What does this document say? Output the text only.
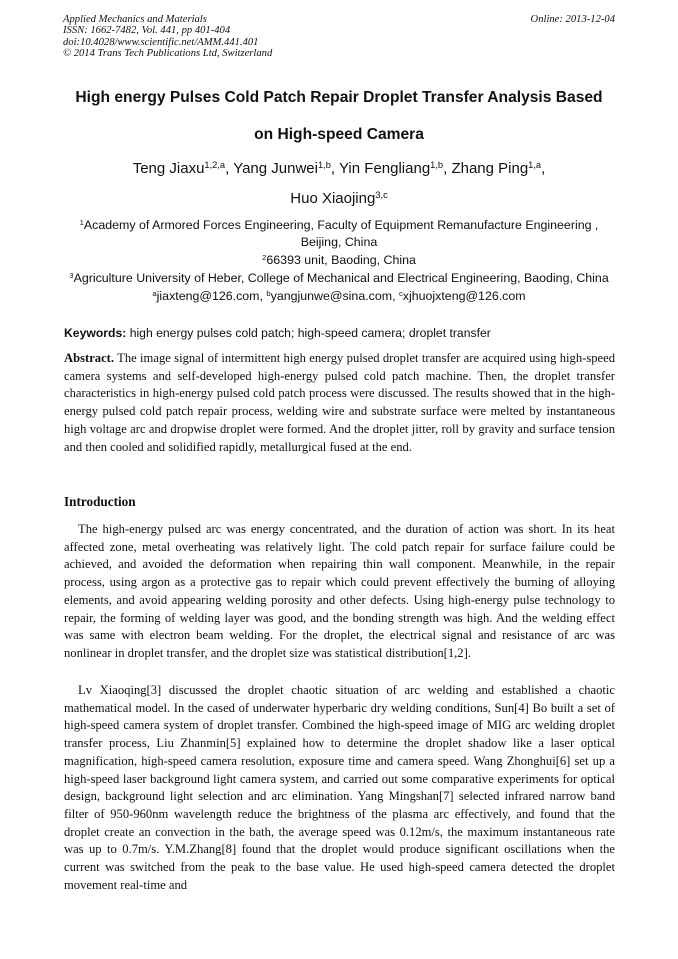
Applied Mechanics and Materials
ISSN: 1662-7482, Vol. 441, pp 401-404
doi:10.4028/www.scientific.net/AMM.441.401
© 2014 Trans Tech Publications Ltd, Switzerland
Online: 2013-12-04
High energy Pulses Cold Patch Repair Droplet Transfer Analysis Based
on High-speed Camera
Teng Jiaxu$^{1,2,a}$, Yang Junwei$^{1,b}$, Yin Fengliang$^{1,b}$, Zhang Ping$^{1,a}$,
Huo Xiaojing$^{3,c}$
$^1$Academy of Armored Forces Engineering, Faculty of Equipment Remanufacture Engineering ,
Beijing, China
$^2$66393 unit, Baoding, China
$^3$Agriculture University of Heber, College of Mechanical and Electrical Engineering, Baoding, China
$^a$jiaxteng@126.com, $^b$yangjunwe@sina.com, $^c$xjhuojxteng@126.com
Keywords: high energy pulses cold patch; high-speed camera; droplet transfer
Abstract. The image signal of intermittent high energy pulsed droplet transfer are acquired using high-speed camera systems and self-developed high-energy pulsed cold patch machine. Then, the droplet transfer characteristics in high-energy pulsed cold patch process were discussed. The results showed that in the high-energy pulsed cold patch repair process, welding wire and substrate surface were melted by instantaneous high voltage arc and dropwise droplet were formed. And the droplet jitter, roll by gravity and surface tension and then cooled and solidified rapidly, metallurgical fused at the end.
Introduction
The high-energy pulsed arc was energy concentrated, and the duration of action was short. In its heat affected zone, metal overheating was relatively light. The cold patch repair for surface failure could be achieved, and avoided the deformation when repairing thin wall component. Meanwhile, in the repair process, using argon as a protective gas to repair which could prevent effectively the burning of alloying elements, and avoid appearing welding porosity and other defects. Using high-energy pulse technology to repair, the forming of welding layer was good, and the bonding strength was high. And the welding effect was same with electron beam welding. For the droplet, the electrical signal and resistance of arc was nonlinear in droplet transfer, and the droplet size was statistical distribution[1,2].
Lv Xiaoqing[3] discussed the droplet chaotic situation of arc welding and established a chaotic mathematical model. In the cased of underwater hyperbaric dry welding conditions, Sun[4] Bo built a set of high-speed camera system of droplet transfer. Combined the high-speed image of MIG arc welding droplet transfer process, Liu Zhanmin[5] explained how to determine the droplet shadow like a laser optical magnification, high-speed camera resolution, exposure time and camera speed. Wang Zhonghui[6] set up a high-speed laser background light camera system, and carried out some comparative experiments for optical design, background light selection and arc elimination. Yang Mingshan[7] selected infrared narrow band filter of 950-960nm wavelength reduce the brightness of the plasma arc effectively, and found that the droplet create an convection in the bath, the average speed was 0.12m/s, the maximum instantaneous rate was up to 0.7m/s. Y.M.Zhang[8] found that the droplet would produce significant oscillations when the current was switched from the peak to the base value. He used high-speed camera detected the droplet movement real-time and
